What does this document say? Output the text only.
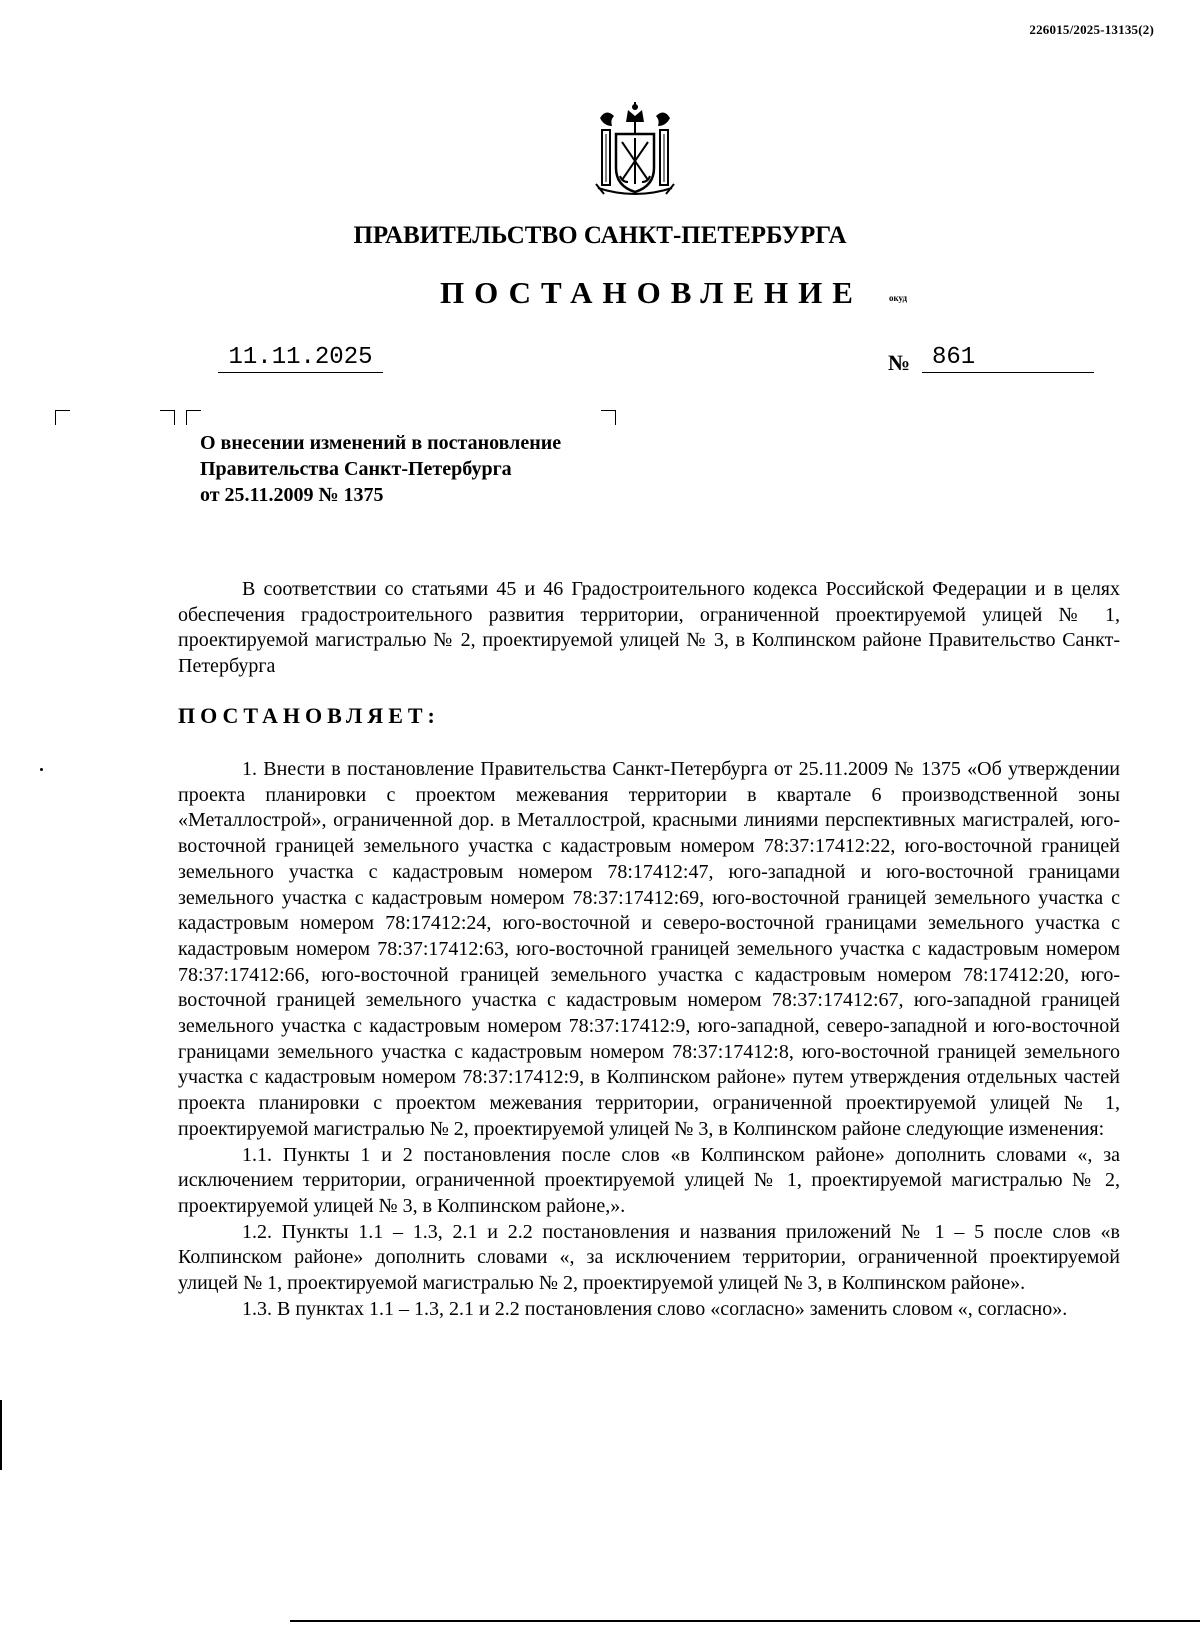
226015/2025-13135(2)
ПРАВИТЕЛЬСТВО САНКТ-ПЕТЕРБУРГА
ПОСТАНОВЛЕНИЕ	окуд
11.11.2025	№ 861
О внесении изменений в постановление
Правительства Санкт-Петербурга
от 25.11.2009 № 1375
В соответствии со статьями 45 и 46 Градостроительного кодекса Российской Федерации и в целях обеспечения градостроительного развития территории, ограниченной проектируемой улицей № 1, проектируемой магистралью № 2, проектируемой улицей № 3, в Колпинском районе Правительство Санкт-Петербурга
ПОСТАНОВЛЯЕТ:

1. Внести в постановление Правительства Санкт-Петербурга от 25.11.2009 № 1375 «Об утверждении проекта планировки с проектом межевания территории в квартале 6 производственной зоны «Металлострой», ограниченной дор. в Металлострой, красными линиями перспективных магистралей, юго-восточной границей земельного участка с кадастровым номером 78:37:17412:22, юго-восточной границей земельного участка с кадастровым номером 78:17412:47, юго-западной и юго-восточной границами земельного участка с кадастровым номером 78:37:17412:69, юго-восточной границей земельного участка с кадастровым номером 78:17412:24, юго-восточной и северо-восточной границами земельного участка с кадастровым номером 78:37:17412:63, юго-восточной границей земельного участка с кадастровым номером 78:37:17412:66, юго-восточной границей земельного участка с кадастровым номером 78:17412:20, юго-восточной границей земельного участка с кадастровым номером 78:37:17412:67, юго-западной границей земельного участка с кадастровым номером 78:37:17412:9, юго-западной, северо-западной и юго-восточной границами земельного участка с кадастровым номером 78:37:17412:8, юго-восточной границей земельного участка с кадастровым номером 78:37:17412:9, в Колпинском районе» путем утверждения отдельных частей проекта планировки с проектом межевания территории, ограниченной проектируемой улицей № 1, проектируемой магистралью № 2, проектируемой улицей № 3, в Колпинском районе следующие изменения:

1.1. Пункты 1 и 2 постановления после слов «в Колпинском районе» дополнить словами «, за исключением территории, ограниченной проектируемой улицей № 1, проектируемой магистралью № 2, проектируемой улицей № 3, в Колпинском районе,».

1.2. Пункты 1.1 – 1.3, 2.1 и 2.2 постановления и названия приложений № 1 – 5 после слов «в Колпинском районе» дополнить словами «, за исключением территории, ограниченной проектируемой улицей № 1, проектируемой магистралью № 2, проектируемой улицей № 3, в Колпинском районе».

1.3. В пунктах 1.1 – 1.3, 2.1 и 2.2 постановления слово «согласно» заменить словом «, согласно».
